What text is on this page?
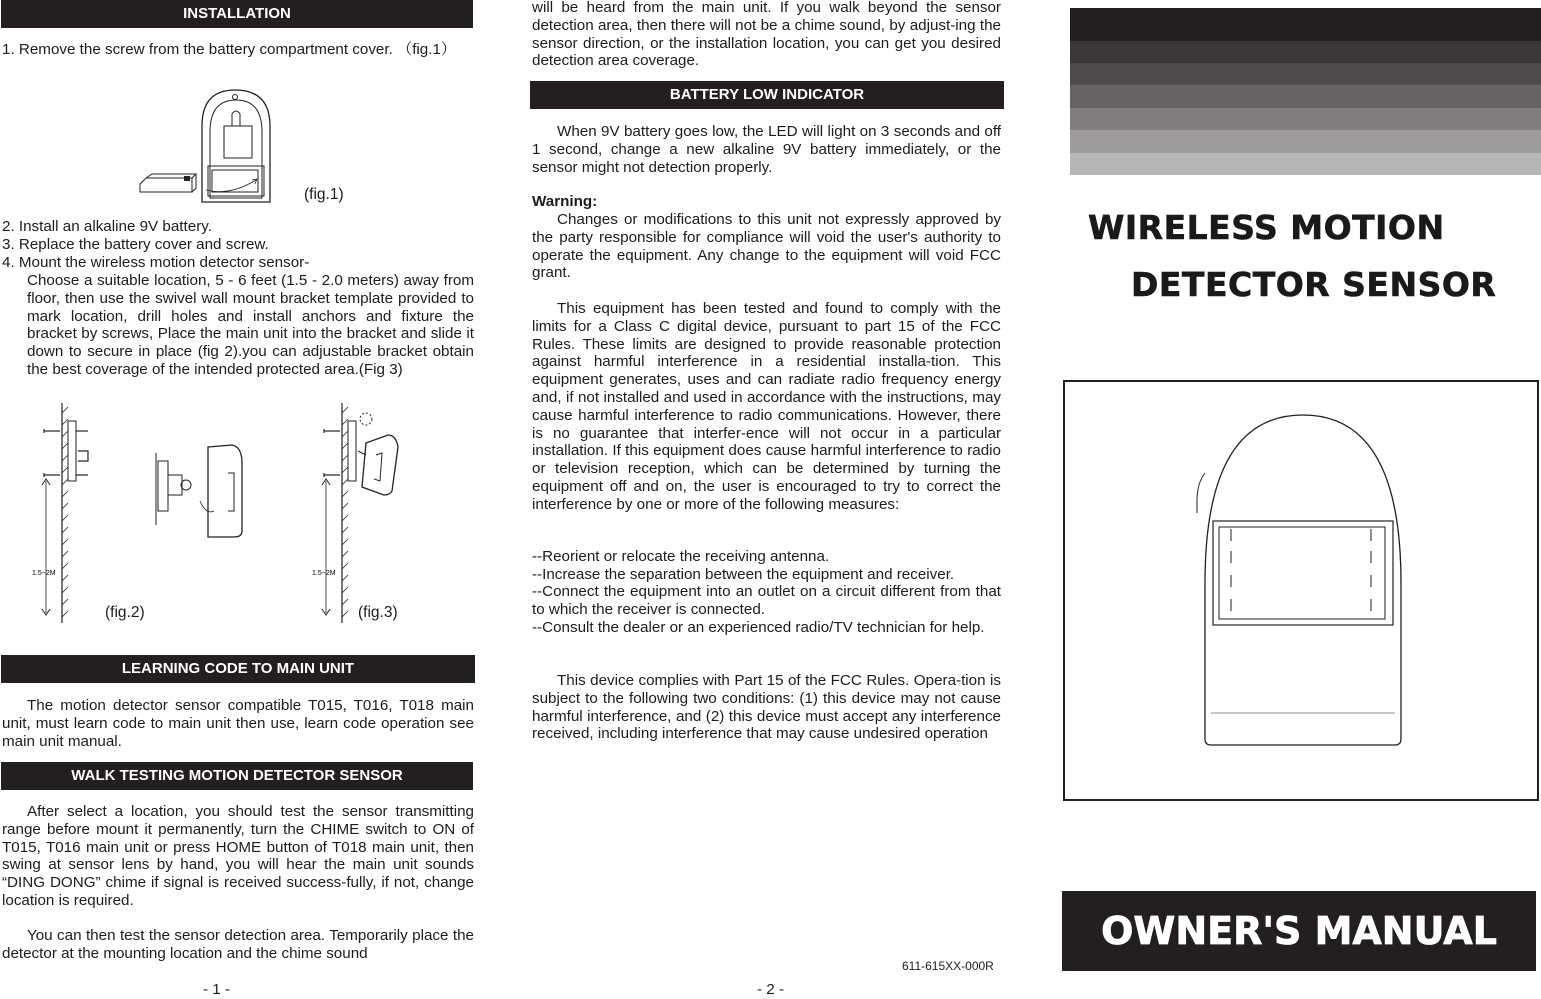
INSTALLATION
1. Remove the screw from the battery compartment cover. （fig.1）
(fig.1)
2. Install an alkaline 9V battery.
3. Replace the battery cover and screw.
4. Mount the wireless motion detector sensor-
Choose a suitable location, 5 - 6 feet (1.5 - 2.0 meters) away from floor, then use the swivel wall mount bracket template provided to mark location, drill holes and install anchors and fixture the bracket by screws, Place the main unit into the bracket and slide it down to secure in place (fig 2).you can adjustable bracket obtain the best coverage of the intended protected area.(Fig 3)
1.5~2M
(fig.2)
1.5~2M
(fig.3)
LEARNING CODE TO MAIN UNIT
The motion detector sensor compatible T015, T016, T018 main unit, must learn code to main unit then use, learn code operation see main unit manual.
WALK TESTING MOTION DETECTOR SENSOR
After select a location, you should test the sensor transmitting range before mount it permanently, turn the CHIME switch to ON of T015, T016 main unit or press HOME button of T018 main unit, then swing at sensor lens by hand, you will hear the main unit sounds “DING DONG” chime if signal is received success-fully, if not, change location is required.
You can then test the sensor detection area. Temporarily place the detector at the mounting location and the chime sound
- 1 -
will be heard from the main unit. If you walk beyond the sensor detection area, then there will not be a chime sound, by adjust-ing the sensor direction, or the installation location, you can get you desired detection area coverage.
BATTERY LOW INDICATOR
When 9V battery goes low, the LED will light on 3 seconds and off 1 second, change a new alkaline 9V battery immediately, or the sensor might not detection properly.
Warning:
Changes or modifications to this unit not expressly approved by the party responsible for compliance will void the user's authority to operate the equipment. Any change to the equipment will void FCC grant.
This equipment has been tested and found to comply with the limits for a Class C digital device, pursuant to part 15 of the FCC Rules. These limits are designed to provide reasonable protection against harmful interference in a residential installa-tion. This equipment generates, uses and can radiate radio frequency energy and, if not installed and used in accordance with the instructions, may cause harmful interference to radio communications. However, there is no guarantee that interfer-ence will not occur in a particular installation. If this equipment does cause harmful interference to radio or television reception, which can be determined by turning the equipment off and on, the user is encouraged to try to correct the interference by one or more of the following measures:
--Reorient or relocate the receiving antenna.
--Increase the separation between the equipment and receiver.
--Connect the equipment into an outlet on a circuit different from that to which the receiver is connected.
--Consult the dealer or an experienced radio/TV technician for help.
This device complies with Part 15 of the FCC Rules. Opera-tion is subject to the following two conditions: (1) this device may not cause harmful interference, and (2) this device must accept any interference received, including interference that may cause undesired operation
611-615XX-000R
- 2 -
WIRELESS MOTION
DETECTOR SENSOR
OWNER'S MANUAL
